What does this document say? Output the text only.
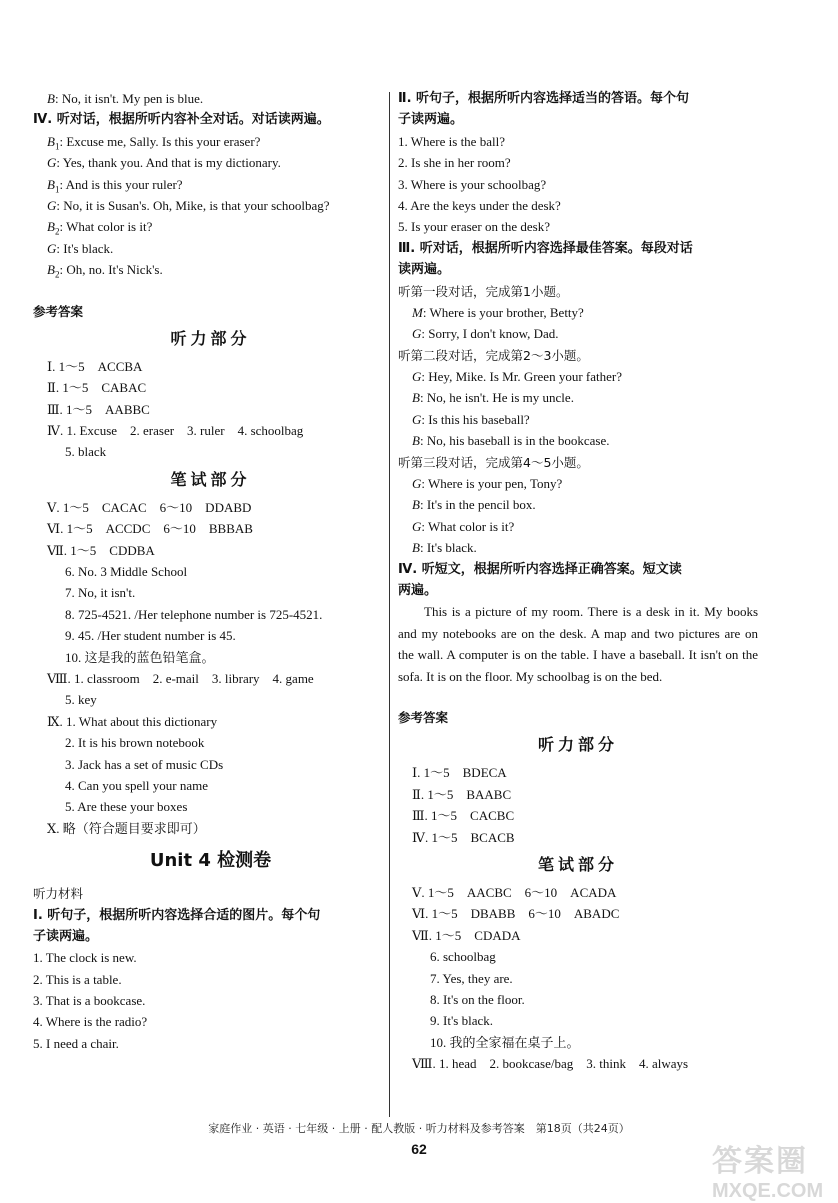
B: No, it isn't. My pen is blue.
Ⅳ. 听对话，根据所听内容补全对话。对话读两遍。
$B_1$: Excuse me, Sally. Is this your eraser?
G: Yes, thank you. And that is my dictionary.
$B_1$: And is this your ruler?
G: No, it is Susan's. Oh, Mike, is that your schoolbag?
$B_2$: What color is it?
G: It's black.
$B_2$: Oh, no. It's Nick's.
参考答案
听力部分
Ⅰ. 1～5　ACCBA
Ⅱ. 1～5　CABAC
Ⅲ. 1～5　AABBC
Ⅳ. 1. Excuse　2. eraser　3. ruler　4. schoolbag
5. black
笔试部分
Ⅴ. 1～5　CACAC　6～10　DDABD
Ⅵ. 1～5　ACCDC　6～10　BBBAB
Ⅶ. 1～5　CDDBA
6. No. 3 Middle School
7. No, it isn't.
8. 725-4521. /Her telephone number is 725-4521.
9. 45. /Her student number is 45.
10. 这是我的蓝色铅笔盒。
Ⅷ. 1. classroom　2. e-mail　3. library　4. game
5. key
Ⅸ. 1. What about this dictionary
2. It is his brown notebook
3. Jack has a set of music CDs
4. Can you spell your name
5. Are these your boxes
Ⅹ. 略（符合题目要求即可）
Unit 4 检测卷
听力材料
Ⅰ. 听句子，根据所听内容选择合适的图片。每个句
子读两遍。
1. The clock is new.
2. This is a table.
3. That is a bookcase.
4. Where is the radio?
5. I need a chair.
Ⅱ. 听句子，根据所听内容选择适当的答语。每个句
子读两遍。
1. Where is the ball?
2. Is she in her room?
3. Where is your schoolbag?
4. Are the keys under the desk?
5. Is your eraser on the desk?
Ⅲ. 听对话，根据所听内容选择最佳答案。每段对话
读两遍。
听第一段对话，完成第1小题。
M: Where is your brother, Betty?
G: Sorry, I don't know, Dad.
听第二段对话，完成第2～3小题。
G: Hey, Mike. Is Mr. Green your father?
B: No, he isn't. He is my uncle.
G: Is this his baseball?
B: No, his baseball is in the bookcase.
听第三段对话，完成第4～5小题。
G: Where is your pen, Tony?
B: It's in the pencil box.
G: What color is it?
B: It's black.
Ⅳ. 听短文，根据所听内容选择正确答案。短文读
两遍。
This is a picture of my room. There is a desk in it. My books and my notebooks are on the desk. A map and two pictures are on the wall. A computer is on the table. I have a baseball. It isn't on the sofa. It is on the floor. My schoolbag is on the bed.
参考答案
听力部分
Ⅰ. 1～5　BDECA
Ⅱ. 1～5　BAABC
Ⅲ. 1～5　CACBC
Ⅳ. 1～5　BCACB
笔试部分
Ⅴ. 1～5　AACBC　6～10　ACADA
Ⅵ. 1～5　DBABB　6～10　ABADC
Ⅶ. 1～5　CDADA
6. schoolbag
7. Yes, they are.
8. It's on the floor.
9. It's black.
10. 我的全家福在桌子上。
Ⅷ. 1. head　2. bookcase/bag　3. think　4. always
家庭作业 · 英语 · 七年级 · 上册 · 配人教版 · 听力材料及参考答案　第18页（共24页）
62	答案圈
MXQE.COM
